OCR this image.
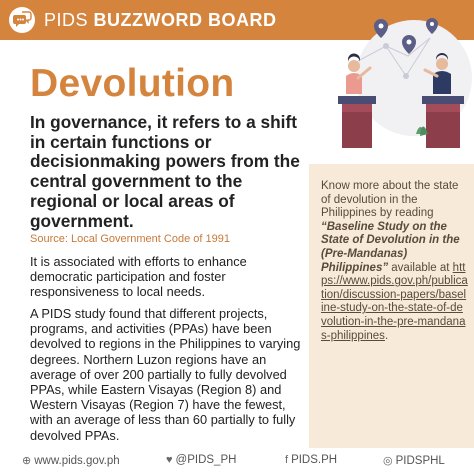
PIDS BUZZWORD BOARD
Devolution
In governance, it refers to a shift in certain functions or decisionmaking powers from the central government to the regional or local areas of government.
Source: Local Government Code of 1991
It is associated with efforts to enhance democratic participation and foster responsiveness to local needs.
A PIDS study found that different projects, programs, and activities (PPAs) have been devolved to regions in the Philippines to varying degrees. Northern Luzon regions have an average of over 200 partially to fully devolved PPAs, while Eastern Visayas (Region 8) and Western Visayas (Region 7) have the fewest, with an average of less than 60 partially to fully devolved PPAs.
Know more about the state of devolution in the Philippines by reading “Baseline Study on the State of Devolution in the (Pre-Mandanas) Philippines” available at https://www.pids.gov.ph/publication/discussion-papers/baseline-study-on-the-state-of-devolution-in-the-pre-mandanas-philippines.
⊕ www.pids.gov.ph	♥ @PIDS_PH	f PIDS.PH	◎ PIDSPHL
